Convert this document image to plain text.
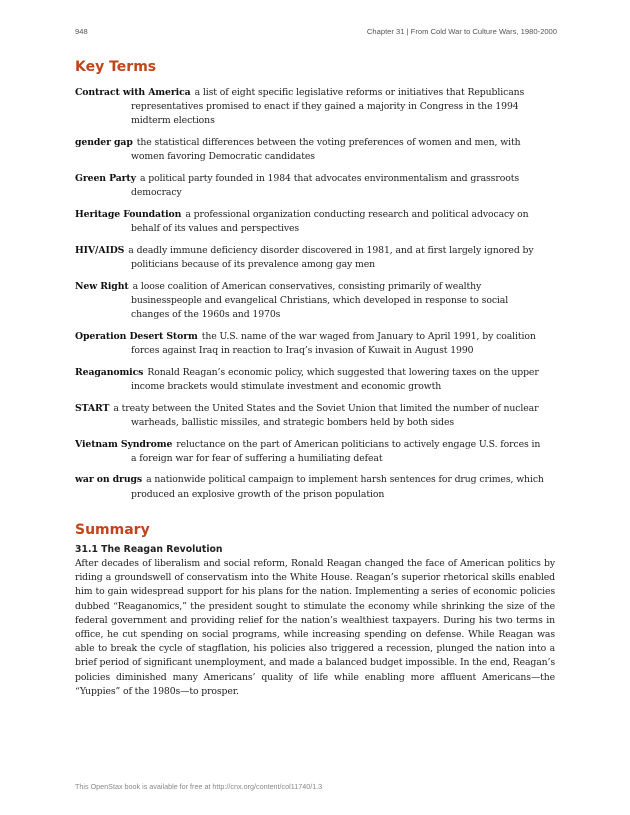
948	Chapter 31 | From Cold War to Culture Wars, 1980-2000
Key Terms

Contract with America a list of eight specific legislative reforms or initiatives that Republicans representatives promised to enact if they gained a majority in Congress in the 1994 midterm elections

gender gap the statistical differences between the voting preferences of women and men, with women favoring Democratic candidates

Green Party a political party founded in 1984 that advocates environmentalism and grassroots democracy

Heritage Foundation a professional organization conducting research and political advocacy on behalf of its values and perspectives

HIV/AIDS a deadly immune deficiency disorder discovered in 1981, and at first largely ignored by politicians because of its prevalence among gay men

New Right a loose coalition of American conservatives, consisting primarily of wealthy businesspeople and evangelical Christians, which developed in response to social changes of the 1960s and 1970s

Operation Desert Storm the U.S. name of the war waged from January to April 1991, by coalition forces against Iraq in reaction to Iraq’s invasion of Kuwait in August 1990

Reaganomics Ronald Reagan’s economic policy, which suggested that lowering taxes on the upper income brackets would stimulate investment and economic growth

START a treaty between the United States and the Soviet Union that limited the number of nuclear warheads, ballistic missiles, and strategic bombers held by both sides

Vietnam Syndrome reluctance on the part of American politicians to actively engage U.S. forces in a foreign war for fear of suffering a humiliating defeat

war on drugs a nationwide political campaign to implement harsh sentences for drug crimes, which produced an explosive growth of the prison population

Summary
31.1 The Reagan Revolution

After decades of liberalism and social reform, Ronald Reagan changed the face of American politics by riding a groundswell of conservatism into the White House. Reagan’s superior rhetorical skills enabled him to gain widespread support for his plans for the nation. Implementing a series of economic policies dubbed “Reaganomics,” the president sought to stimulate the economy while shrinking the size of the federal government and providing relief for the nation’s wealthiest taxpayers. During his two terms in office, he cut spending on social programs, while increasing spending on defense. While Reagan was able to break the cycle of stagflation, his policies also triggered a recession, plunged the nation into a brief period of significant unemployment, and made a balanced budget impossible. In the end, Reagan’s policies diminished many Americans’ quality of life while enabling more affluent Americans—the “Yuppies” of the 1980s—to prosper.

This OpenStax book is available for free at http://cnx.org/content/col11740/1.3
